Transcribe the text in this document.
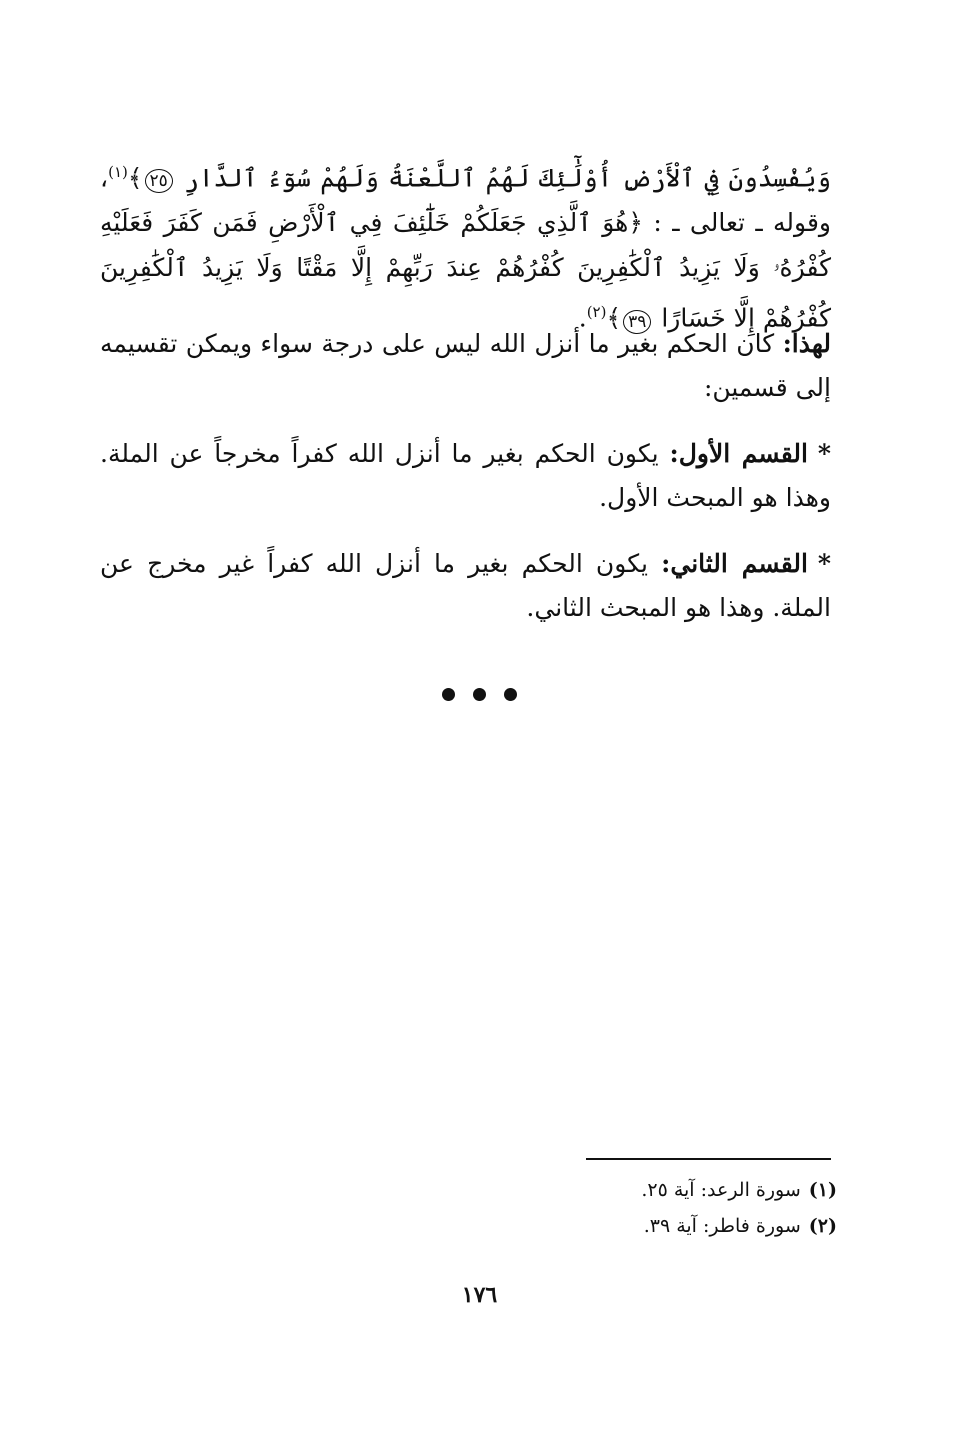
وَيُفْسِدُونَ فِي ٱلْأَرْضِ أُوْلَٰٓئِكَ لَهُمُ ٱللَّعْنَةُ وَلَهُمْ سُوٓءُ ٱلدَّارِ ٢٥﴾$^{(١)}$، وقوله ـ تعالى ـ : ﴿هُوَ ٱلَّذِي جَعَلَكُمْ خَلَٰٓئِفَ فِي ٱلْأَرْضِ فَمَن كَفَرَ فَعَلَيْهِ كُفْرُهُۥ وَلَا يَزِيدُ ٱلْكَٰفِرِينَ كُفْرُهُمْ عِندَ رَبِّهِمْ إِلَّا مَقْتًا وَلَا يَزِيدُ ٱلْكَٰفِرِينَ كُفْرُهُمْ إِلَّا خَسَارًا ٣٩﴾$^{(٢)}$.
لهذا: كان الحكم بغير ما أنزل الله ليس على درجة سواء ويمكن تقسيمه إلى قسمين:
*القسم الأول: يكون الحكم بغير ما أنزل الله كفراً مخرجاً عن الملة. وهذا هو المبحث الأول.
*القسم الثاني: يكون الحكم بغير ما أنزل الله كفراً غير مخرج عن الملة. وهذا هو المبحث الثاني.
(١)سورة الرعد: آية ٢٥.
(٢)سورة فاطر: آية ٣٩.
١٧٦
